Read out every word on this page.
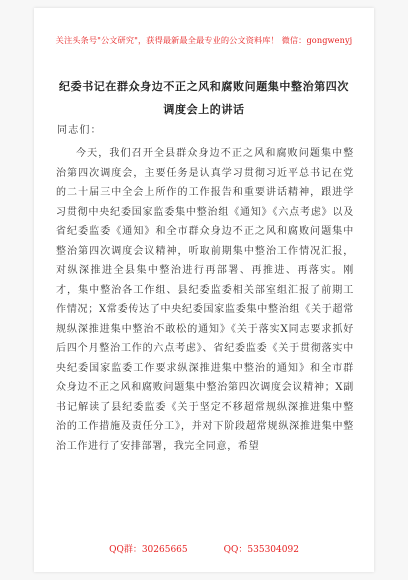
关注头条号"公文研究"，获得最新最全最专业的公文资料库！ 微信：gongwenyj
纪委书记在群众身边不正之风和腐败问题集中整治第四次
调度会上的讲话
同志们：

今天，我们召开全县群众身边不正之风和腐败问题集中整治第四次调度会，主要任务是认真学习贯彻习近平总书记在党的二十届三中全会上所作的工作报告和重要讲话精神，跟进学习贯彻中央纪委国家监委集中整治组《通知》《六点考虑》以及省纪委监委《通知》和全市群众身边不正之风和腐败问题集中整治第四次调度会议精神，听取前期集中整治工作情况汇报，对纵深推进全县集中整治进行再部署、再推进、再落实。刚才，集中整治各工作组、县纪委监委相关部室组汇报了前期工作情况；X常委传达了中央纪委国家监委集中整治组《关于超常规纵深推进集中整治不敢松的通知》《关于落实X同志要求抓好后四个月整治工作的六点考虑》、省纪委监委《关于贯彻落实中央纪委国家监委工作要求纵深推进集中整治的通知》和全市群众身边不正之风和腐败问题集中整治第四次调度会议精神；X副书记解读了县纪委监委《关于坚定不移超常规纵深推进集中整治的工作措施及责任分工》，并对下阶段超常规纵深推进集中整治工作进行了安排部署，我完全同意，希望

QQ群：30265665	QQ：535304092
